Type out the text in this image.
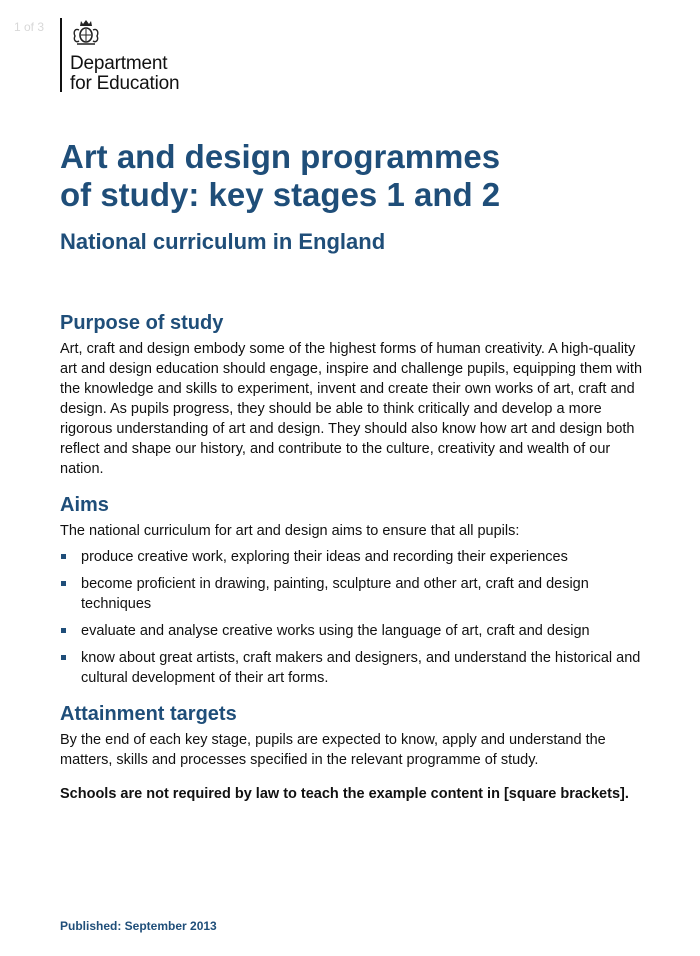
1 of 3
Department
for Education
Art and design programmes
of study: key stages 1 and 2
National curriculum in England
Purpose of study

Art, craft and design embody some of the highest forms of human creativity. A high-quality art and design education should engage, inspire and challenge pupils, equipping them with the knowledge and skills to experiment, invent and create their own works of art, craft and design. As pupils progress, they should be able to think critically and develop a more rigorous understanding of art and design. They should also know how art and design both reflect and shape our history, and contribute to the culture, creativity and wealth of our nation.

Aims

The national curriculum for art and design aims to ensure that all pupils:

produce creative work, exploring their ideas and recording their experiences
become proficient in drawing, painting, sculpture and other art, craft and design techniques
evaluate and analyse creative works using the language of art, craft and design
know about great artists, craft makers and designers, and understand the historical and cultural development of their art forms.
Attainment targets

By the end of each key stage, pupils are expected to know, apply and understand the matters, skills and processes specified in the relevant programme of study.

Schools are not required by law to teach the example content in [square brackets].

Published: September 2013
